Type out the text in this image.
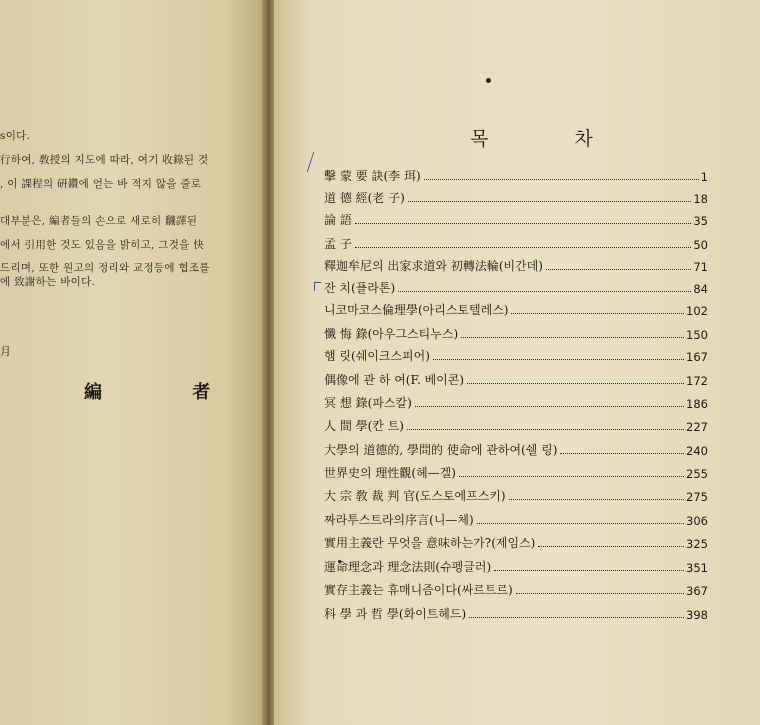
·
s이다.
行하여, 敎授의 지도에 따라, 여기 收錄된 것
, 이 課程의 硏鑽에 얻는 바 적지 않을 줄로
대부분은, 編者들의 손으로 새로히 飜譯된
에서 引用한 것도 있음을 밝히고, 그것을 快
드리며, 또한 원고의 정리와 교정등에 협조를
에 致謝하는 바이다.
月
編 者
목 차
擊 蒙 要 訣(李 珥)	1
道 德 經(老 子)	18
論 語	35
孟 子	50
釋迦牟尼의 出家求道와 初轉法輪(비간데)	71
잔 치(플라톤)	84
니코마코스倫理學(아리스토텔레스)	102
懺 悔 錄(아우그스티누스)	150
햄 릿(쉐이크스피어)	167
偶像에 관 하 여(F. 베이콘)	172
冥 想 錄(파스칼)	186
人 間 學(칸 트)	227
大學의 道德的, 學問的 使命에 관하여(쉘 링)	240
世界史의 理性觀(헤—겔)	255
大 宗 敎 裁 判 官(도스토에프스키)	275
짜라투스트라의序言(니—체)	306
實用主義란 무엇을 意味하는가?(제임스)	325
運命理念과 理念法則(슈펭글러)	351
實存主義는 휴매니즘이다(싸르트르)	367
科 學 과 哲 學(화이트헤드)	398
